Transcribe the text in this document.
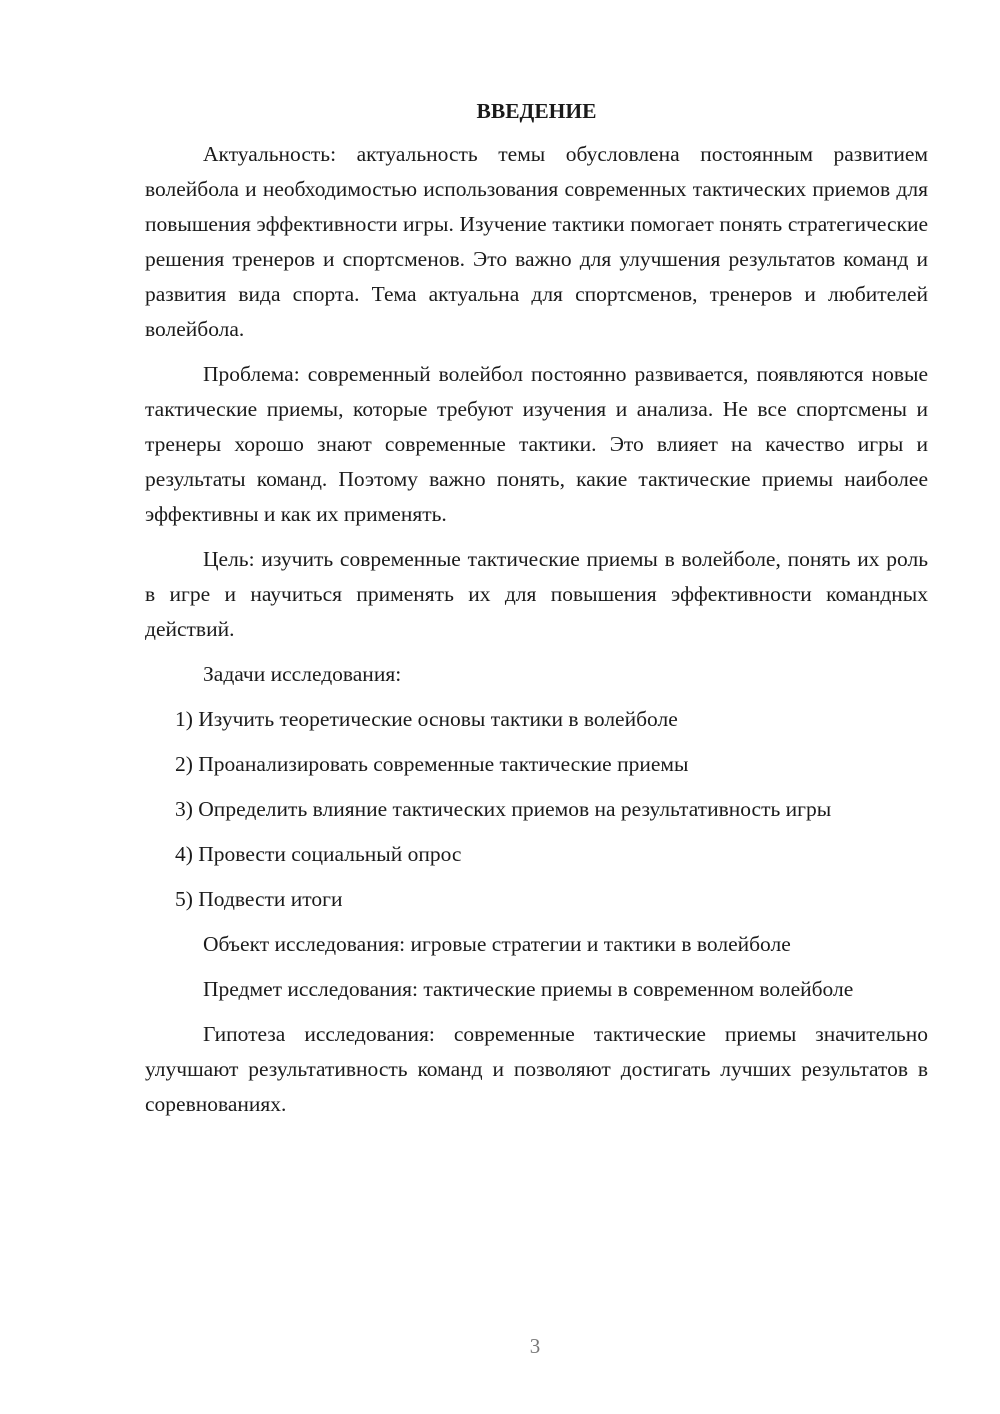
ВВЕДЕНИЕ

Актуальность: актуальность темы обусловлена постоянным развитием волейбола и необходимостью использования современных тактических приемов для повышения эффективности игры. Изучение тактики помогает понять стратегические решения тренеров и спортсменов. Это важно для улучшения результатов команд и развития вида спорта. Тема актуальна для спортсменов, тренеров и любителей волейбола.

Проблема: современный волейбол постоянно развивается, появляются новые тактические приемы, которые требуют изучения и анализа. Не все спортсмены и тренеры хорошо знают современные тактики. Это влияет на качество игры и результаты команд. Поэтому важно понять, какие тактические приемы наиболее эффективны и как их применять.

Цель: изучить современные тактические приемы в волейболе, понять их роль в игре и научиться применять их для повышения эффективности командных действий.

Задачи исследования:

1) Изучить теоретические основы тактики в волейболе

2) Проанализировать современные тактические приемы

3) Определить влияние тактических приемов на результативность игры

4) Провести социальный опрос

5) Подвести итоги

Объект исследования: игровые стратегии и тактики в волейболе

Предмет исследования: тактические приемы в современном волейболе

Гипотеза исследования: современные тактические приемы значительно улучшают результативность команд и позволяют достигать лучших результатов в соревнованиях.

3
